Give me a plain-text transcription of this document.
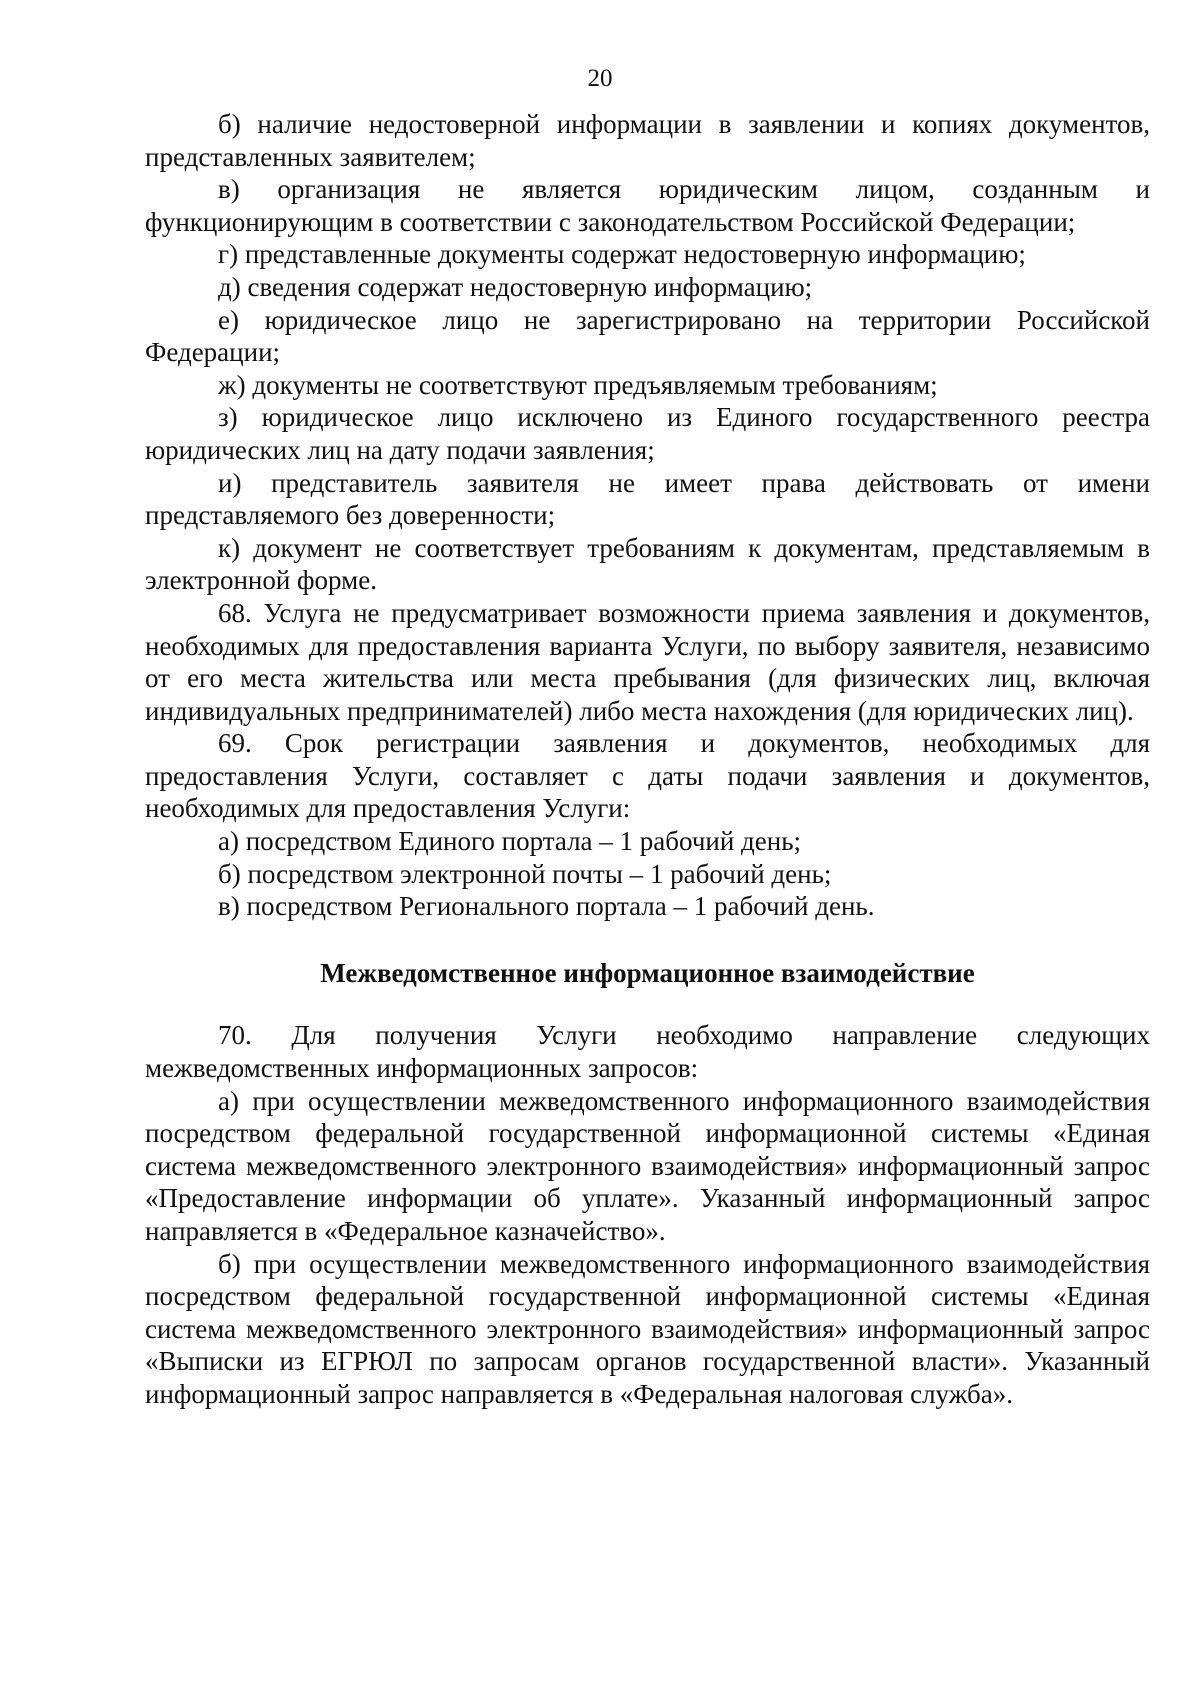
20

б) наличие недостоверной информации в заявлении и копиях документов, представленных заявителем;

в) организация не является юридическим лицом, созданным и функционирующим в соответствии с законодательством Российской Федерации;

г) представленные документы содержат недостоверную информацию;

д) сведения содержат недостоверную информацию;

е) юридическое лицо не зарегистрировано на территории Российской Федерации;

ж) документы не соответствуют предъявляемым требованиям;

з) юридическое лицо исключено из Единого государственного реестра юридических лиц на дату подачи заявления;

и) представитель заявителя не имеет права действовать от имени представляемого без доверенности;

к) документ не соответствует требованиям к документам, представляемым в электронной форме.

68. Услуга не предусматривает возможности приема заявления и документов, необходимых для предоставления варианта Услуги, по выбору заявителя, независимо от его места жительства или места пребывания (для физических лиц, включая индивидуальных предпринимателей) либо места нахождения (для юридических лиц).

69. Срок регистрации заявления и документов, необходимых для предоставления Услуги, составляет с даты подачи заявления и документов, необходимых для предоставления Услуги:

а) посредством Единого портала – 1 рабочий день;

б) посредством электронной почты – 1 рабочий день;

в) посредством Регионального портала – 1 рабочий день.

Межведомственное информационное взаимодействие

70. Для получения Услуги необходимо направление следующих межведомственных информационных запросов:

а) при осуществлении межведомственного информационного взаимодействия посредством федеральной государственной информационной системы «Единая система межведомственного электронного взаимодействия» информационный запрос «Предоставление информации об уплате». Указанный информационный запрос направляется в «Федеральное казначейство».

б) при осуществлении межведомственного информационного взаимодействия посредством федеральной государственной информационной системы «Единая система межведомственного электронного взаимодействия» информационный запрос «Выписки из ЕГРЮЛ по запросам органов государственной власти». Указанный информационный запрос направляется в «Федеральная налоговая служба».
